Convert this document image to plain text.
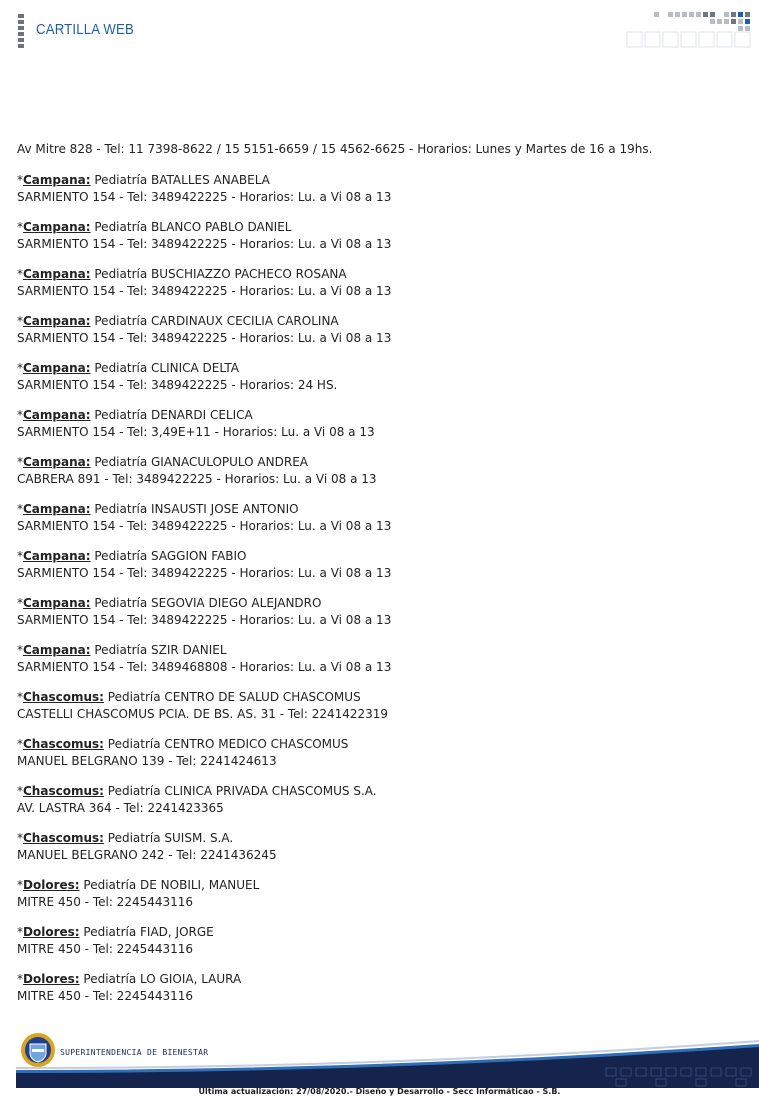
CARTILLA WEB
Av Mitre 828 - Tel: 11 7398-8622 / 15 5151-6659 / 15 4562-6625 - Horarios: Lunes y Martes de 16 a 19hs.
*Campana: Pediatría BATALLES ANABELA
SARMIENTO 154 - Tel: 3489422225 - Horarios: Lu. a Vi 08 a 13
*Campana: Pediatría BLANCO PABLO DANIEL
SARMIENTO 154 - Tel: 3489422225 - Horarios: Lu. a Vi 08 a 13
*Campana: Pediatría BUSCHIAZZO PACHECO ROSANA
SARMIENTO 154 - Tel: 3489422225 - Horarios: Lu. a Vi 08 a 13
*Campana: Pediatría CARDINAUX CECILIA CAROLINA
SARMIENTO 154 - Tel: 3489422225 - Horarios: Lu. a Vi 08 a 13
*Campana: Pediatría CLINICA DELTA
SARMIENTO 154 - Tel: 3489422225 - Horarios: 24 HS.
*Campana: Pediatría DENARDI CELICA
SARMIENTO 154 - Tel: 3,49E+11 - Horarios: Lu. a Vi 08 a 13
*Campana: Pediatría GIANACULOPULO ANDREA
CABRERA 891 - Tel: 3489422225 - Horarios: Lu. a Vi 08 a 13
*Campana: Pediatría INSAUSTI JOSE ANTONIO
SARMIENTO 154 - Tel: 3489422225 - Horarios: Lu. a Vi 08 a 13
*Campana: Pediatría SAGGION FABIO
SARMIENTO 154 - Tel: 3489422225 - Horarios: Lu. a Vi 08 a 13
*Campana: Pediatría SEGOVIA DIEGO ALEJANDRO
SARMIENTO 154 - Tel: 3489422225 - Horarios: Lu. a Vi 08 a 13
*Campana: Pediatría SZIR DANIEL
SARMIENTO 154 - Tel: 3489468808 - Horarios: Lu. a Vi 08 a 13
*Chascomus: Pediatría CENTRO DE SALUD CHASCOMUS
CASTELLI CHASCOMUS PCIA. DE BS. AS. 31 - Tel: 2241422319
*Chascomus: Pediatría CENTRO MEDICO CHASCOMUS
MANUEL BELGRANO 139 - Tel: 2241424613
*Chascomus: Pediatría CLINICA PRIVADA CHASCOMUS S.A.
AV. LASTRA 364 - Tel: 2241423365
*Chascomus: Pediatría SUISM. S.A.
MANUEL BELGRANO 242 - Tel: 2241436245
*Dolores: Pediatría DE NOBILI, MANUEL
MITRE 450 - Tel: 2245443116
*Dolores: Pediatría FIAD, JORGE
MITRE 450 - Tel: 2245443116
*Dolores: Pediatría LO GIOIA, LAURA
MITRE 450 - Tel: 2245443116
SUPERINTENDENCIA DE BIENESTAR
Última actualización: 27/08/2020.- Diseño y Desarrollo - Secc Informáticao - S.B.
